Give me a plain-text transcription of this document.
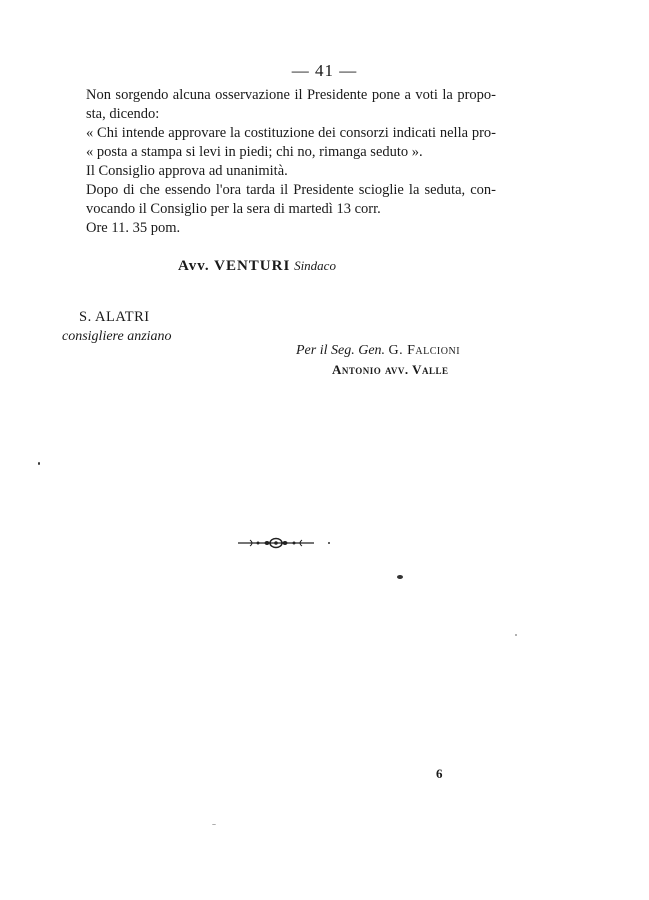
— 41 —
Non sorgendo alcuna osservazione il Presidente pone a voti la propo-
sta, dicendo:
« Chi intende approvare la costituzione dei consorzi indicati nella pro-
« posta a stampa si levi in piedi; chi no, rimanga seduto ».
Il Consiglio approva ad unanimità.
Dopo di che essendo l'ora tarda il Presidente scioglie la seduta, con-
vocando il Consiglio per la sera di martedì 13 corr.
Ore 11. 35 pom.
Avv. VENTURI Sindaco
S. ALATRI
consigliere anziano
Per il Seg. Gen. G. Falcioni
Antonio avv. Valle
6
